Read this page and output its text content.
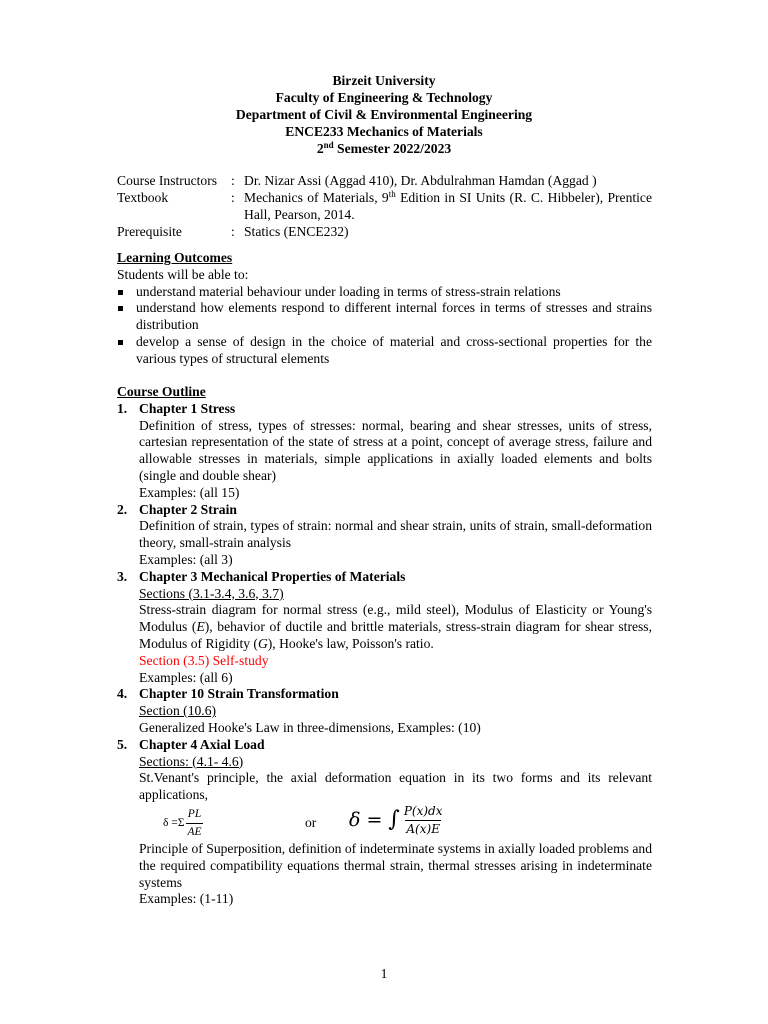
Birzeit University
Faculty of Engineering & Technology
Department of Civil & Environmental Engineering
ENCE233 Mechanics of Materials
2nd Semester 2022/2023
Course Instructors	: Dr. Nizar Assi (Aggad 410), Dr. Abdulrahman Hamdan (Aggad )
Textbook	: Mechanics of Materials, 9th Edition in SI Units (R. C. Hibbeler), Prentice Hall, Pearson, 2014.
Prerequisite	: Statics (ENCE232)
Learning Outcomes
Students will be able to:
understand material behaviour under loading in terms of stress-strain relations
understand how elements respond to different internal forces in terms of stresses and strains distribution
develop a sense of design in the choice of material and cross-sectional properties for the various types of structural elements
Course Outline
1. Chapter 1 Stress
Definition of stress, types of stresses: normal, bearing and shear stresses, units of stress, cartesian representation of the state of stress at a point, concept of average stress, failure and allowable stresses in materials, simple applications in axially loaded elements and bolts (single and double shear)
Examples: (all 15)
2. Chapter 2 Strain
Definition of strain, types of strain: normal and shear strain, units of strain, small-deformation theory, small-strain analysis
Examples: (all 3)
3. Chapter 3 Mechanical Properties of Materials
Sections (3.1-3.4, 3.6, 3.7)
Stress-strain diagram for normal stress (e.g., mild steel), Modulus of Elasticity or Young's Modulus (E), behavior of ductile and brittle materials, stress-strain diagram for shear stress, Modulus of Rigidity (G), Hooke's law, Poisson's ratio.
Section (3.5) Self-study
Examples: (all 6)
4. Chapter 10 Strain Transformation
Section (10.6)
Generalized Hooke's Law in three-dimensions, Examples: (10)
5. Chapter 4 Axial Load
Sections: (4.1- 4.6)
St.Venant's principle, the axial deformation equation in its two forms and its relevant applications,
$\delta =\Sigma \frac{PL}{AE}$	or δ = ∫ $\frac{P(x)dx}{A(x)E}$
Principle of Superposition, definition of indeterminate systems in axially loaded problems and the required compatibility equations thermal strain, thermal stresses arising in indeterminate systems
Examples: (1-11)
1
